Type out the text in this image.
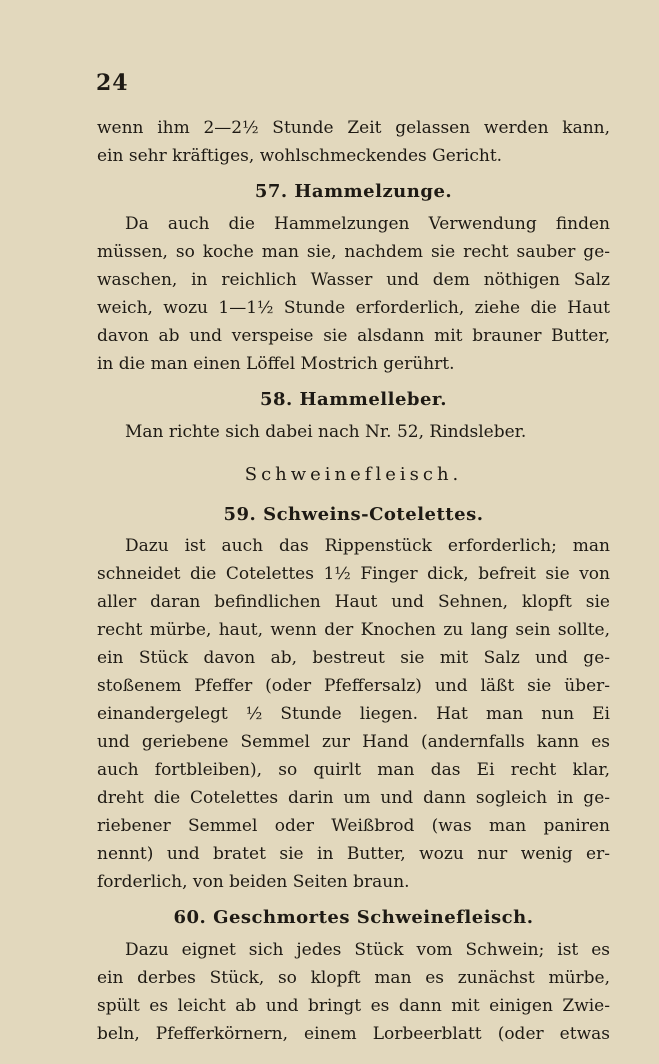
24
wenn ihm 2—2½ Stunde Zeit gelassen werden kann,
ein sehr kräftiges, wohlschmeckendes Gericht.
57. Hammelzunge.
Da auch die Hammelzungen Verwendung finden
müssen, so koche man sie, nachdem sie recht sauber ge-
waschen, in reichlich Wasser und dem nöthigen Salz
weich, wozu 1—1½ Stunde erforderlich, ziehe die Haut
davon ab und verspeise sie alsdann mit brauner Butter,
in die man einen Löffel Mostrich gerührt.
58. Hammelleber.
Man richte sich dabei nach Nr. 52, Rindsleber.
Schweinefleisch.
59. Schweins-Cotelettes.
Dazu ist auch das Rippenstück erforderlich; man
schneidet die Cotelettes 1½ Finger dick, befreit sie von
aller daran befindlichen Haut und Sehnen, klopft sie
recht mürbe, haut, wenn der Knochen zu lang sein sollte,
ein Stück davon ab, bestreut sie mit Salz und ge-
stoßenem Pfeffer (oder Pfeffersalz) und läßt sie über-
einandergelegt ½ Stunde liegen. Hat man nun Ei
und geriebene Semmel zur Hand (andernfalls kann es
auch fortbleiben), so quirlt man das Ei recht klar,
dreht die Cotelettes darin um und dann sogleich in ge-
riebener Semmel oder Weißbrod (was man paniren
nennt) und bratet sie in Butter, wozu nur wenig er-
forderlich, von beiden Seiten braun.
60. Geschmortes Schweinefleisch.
Dazu eignet sich jedes Stück vom Schwein; ist es
ein derbes Stück, so klopft man es zunächst mürbe,
spült es leicht ab und bringt es dann mit einigen Zwie-
beln, Pfefferkörnern, einem Lorbeerblatt (oder etwas
